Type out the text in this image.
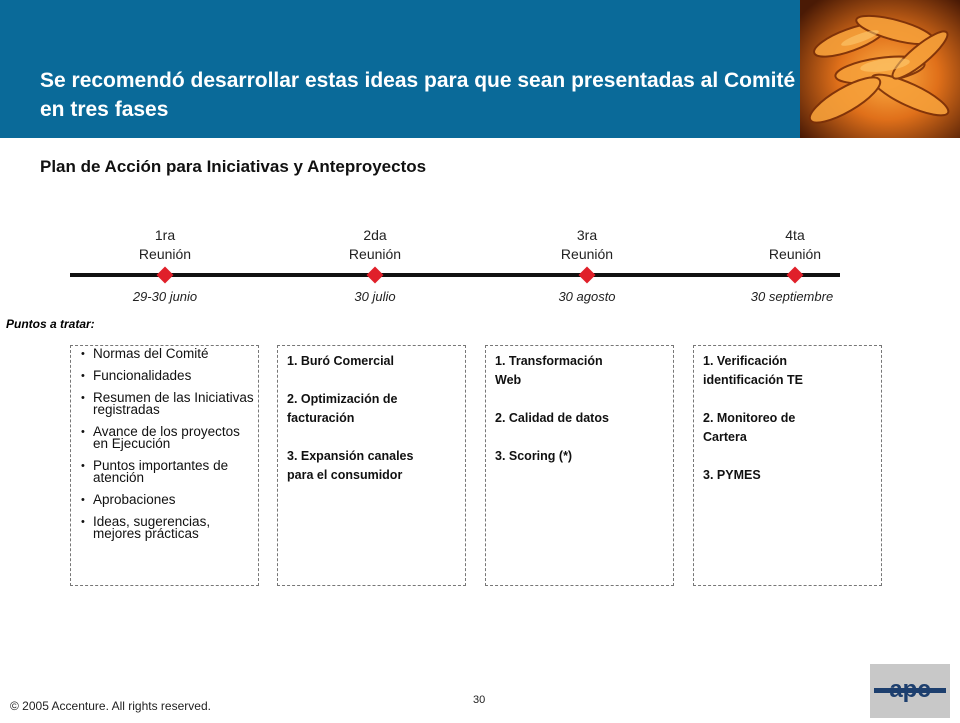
Se recomendó desarrollar estas ideas para que sean presentadas al Comité en tres fases
Plan de Acción para Iniciativas y Anteproyectos
1ra
Reunión
2da
Reunión
3ra
Reunión
4ta
Reunión
29-30 junio	30 julio	30 agosto	30 septiembre
Puntos a tratar:
• Normas del Comité
• Funcionalidades
• Resumen de las Iniciativas registradas
• Avance de los proyectos en Ejecución
• Puntos importantes de atención
• Aprobaciones
• Ideas, sugerencias, mejores prácticas
1. Buró Comercial
2. Optimización de
facturación
3. Expansión canales
para el consumidor
1. Transformación
Web
2. Calidad de datos
3. Scoring (*)
1. Verificación
identificación TE
2. Monitoreo de
Cartera
3. PYMES
© 2005 Accenture. All rights reserved.	30	apc
